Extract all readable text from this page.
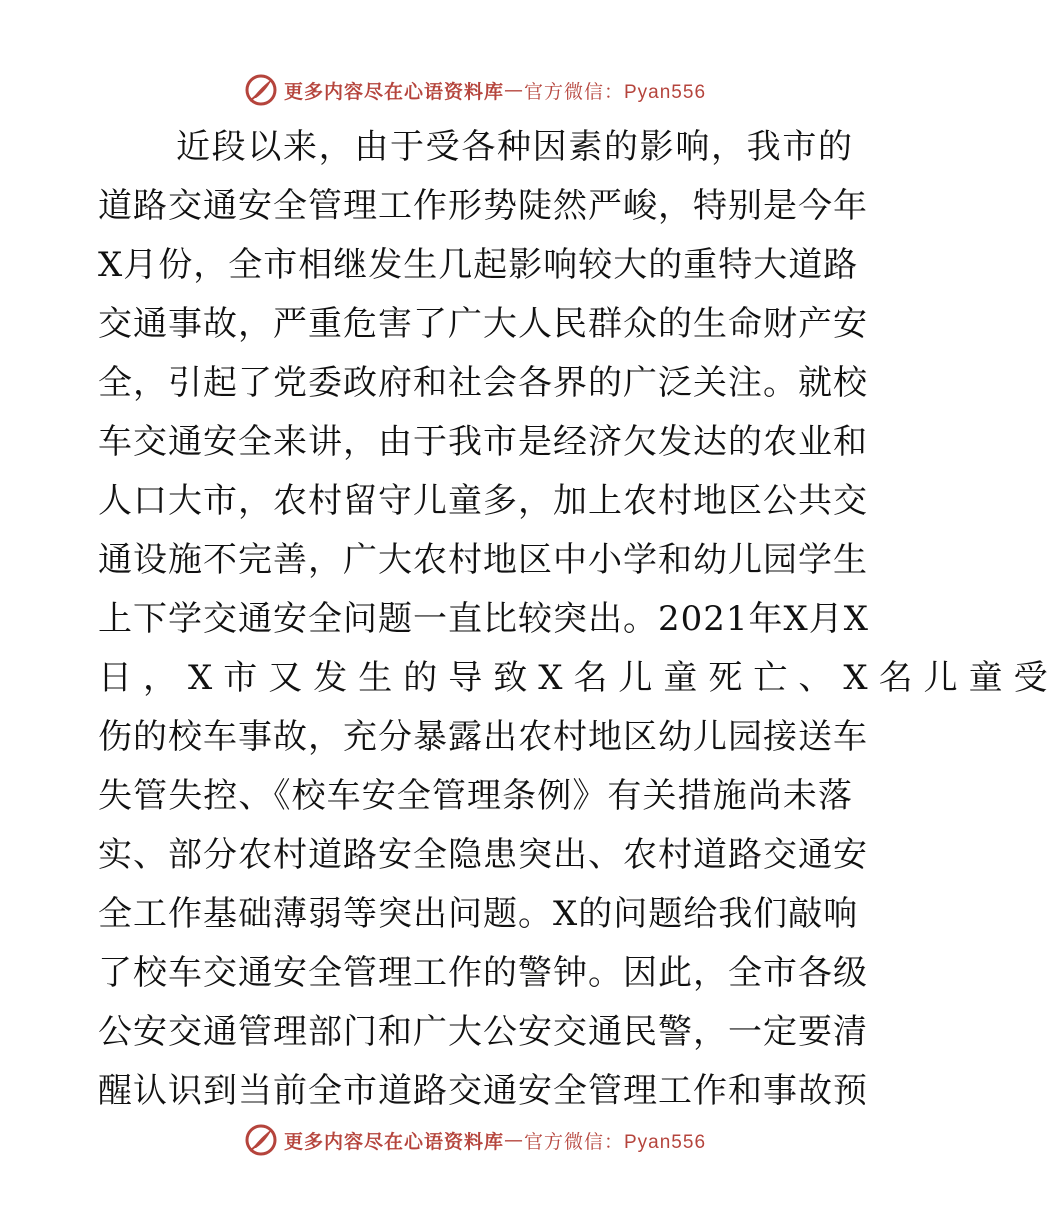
更多内容尽在心语资料库 — 官方微信：Pyan556
近段以来，由于受各种因素的影响，我市的
道路交通安全管理工作形势陡然严峻，特别是今年
X月份，全市相继发生几起影响较大的重特大道路
交通事故，严重危害了广大人民群众的生命财产安
全，引起了党委政府和社会各界的广泛关注。就校
车交通安全来讲，由于我市是经济欠发达的农业和
人口大市，农村留守儿童多，加上农村地区公共交
通设施不完善，广大农村地区中小学和幼儿园学生
上下学交通安全问题一直比较突出。2021年X月X
日，X市又发生的导致X名儿童死亡、X名儿童受
伤的校车事故，充分暴露出农村地区幼儿园接送车
失管失控、《校车安全管理条例》有关措施尚未落
实、部分农村道路安全隐患突出、农村道路交通安
全工作基础薄弱等突出问题。X的问题给我们敲响
了校车交通安全管理工作的警钟。因此，全市各级
公安交通管理部门和广大公安交通民警，一定要清
醒认识到当前全市道路交通安全管理工作和事故预
更多内容尽在心语资料库 — 官方微信：Pyan556
